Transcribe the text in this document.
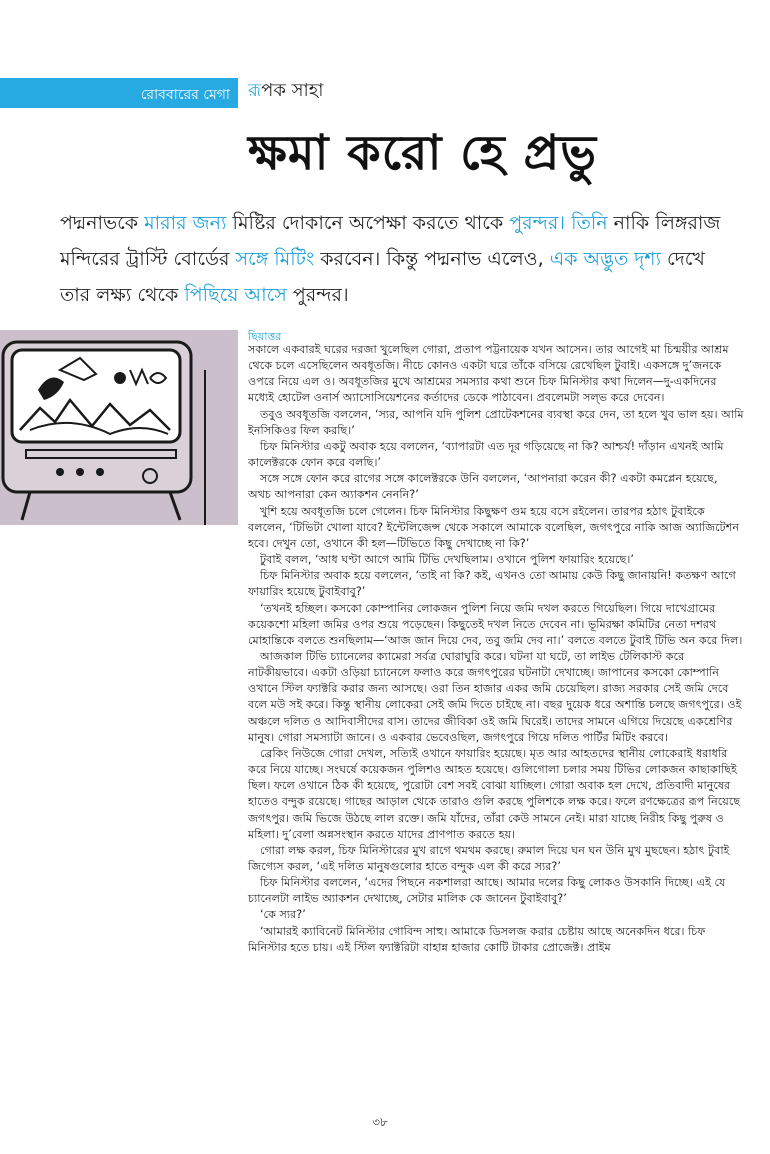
রোববারের মেগা	রূপক সাহা
ক্ষমা করো হে প্রভু
পদ্মনাভকে মারার জন্য মিষ্টির দোকানে অপেক্ষা করতে থাকে পুরন্দর। তিনি নাকি লিঙ্গরাজ মন্দিরের ট্রাস্টি বোর্ডের সঙ্গে মিটিং করবেন। কিন্তু পদ্মনাভ এলেও, এক অদ্ভুত দৃশ্য দেখে তার লক্ষ্য থেকে পিছিয়ে আসে পুরন্দর।
ছিয়াত্তর

সকালে একবারই ঘরের দরজা খুলেছিল গোরা, প্রতাপ পট্টনায়েক যখন আসেন। তার আগেই মা চিন্ময়ীর আশ্রম থেকে চলে এসেছিলেন অবধূতজি। নীচে কোনও একটা ঘরে তাঁকে বসিয়ে রেখেছিল টুবাই। একসঙ্গে দু’জনকে ওপরে নিয়ে এল ও। অবধূতজির মুখে আশ্রমের সমস্যার কথা শুনে চিফ মিনিস্টার কথা দিলেন—দু-একদিনের মধ্যেই হোটেল ওনার্স অ্যাসোসিয়েশনের কর্তাদের ডেকে পাঠাবেন। প্রবলেমটা সল্‌ভ করে দেবেন।

তবুও অবধূতজি বললেন, ‘স্যর, আপনি যদি পুলিশ প্রোটেকশনের ব্যবস্থা করে দেন, তা হলে খুব ভাল হয়। আমি ইনসিকিওর ফিল করছি।’

চিফ মিনিস্টার একটু অবাক হয়ে বললেন, ‘ব্যাপারটা এত দূর গড়িয়েছে না কি? আশ্চর্য! দাঁড়ান এখনই আমি কালেক্টরকে ফোন করে বলছি।’

সঙ্গে সঙ্গে ফোন করে রাগের সঙ্গে কালেক্টরকে উনি বললেন, ‘আপনারা করেন কী? একটা কমপ্লেন হয়েছে, অথচ আপনারা কেন অ্যাকশন নেননি?’

খুশি হয়ে অবধূতজি চলে গেলেন। চিফ মিনিস্টার কিছুক্ষণ গুম হয়ে বসে রইলেন। তারপর হঠাৎ টুবাইকে বললেন, ‘টিভিটা খোলা যাবে? ইন্টেলিজেন্স থেকে সকালে আমাকে বলেছিল, জগৎপুরে নাকি আজ অ্যাজিটেশন হবে। দেখুন তো, ওখানে কী হল—টিভিতে কিছু দেখাচ্ছে না কি?’

টুবাই বলল, ‘আধ ঘণ্টা আগে আমি টিভি দেখছিলাম। ওখানে পুলিশ ফায়ারিং হয়েছে।’

চিফ মিনিস্টার অবাক হয়ে বললেন, ‘তাই না কি? কই, এখনও তো আমায় কেউ কিছু জানায়নি! কতক্ষণ আগে ফায়ারিং হয়েছে টুবাইবাবু?’

‘তখনই হচ্ছিল। কসকো কোম্পানির লোকজন পুলিশ নিয়ে জমি দখল করতে গিয়েছিল। গিয়ে দাখেগ্রামের কয়েকশো মহিলা জমির ওপর শুয়ে পড়েছেন। কিছুতেই দখল নিতে দেবেন না। ভূমিরক্ষা কমিটির নেতা দশরথ মোহান্তিকে বলতে শুনছিলাম—‘আজ জান দিয়ে দেব, তবু জমি দেব না।’ বলতে বলতে টুবাই টিভি অন করে দিল।

আজকাল টিভি চ্যানেলের ক্যামেরা সর্বত্র ঘোরাঘুরি করে। ঘটনা যা ঘটে, তা লাইভ টেলিকাস্ট করে নাটকীয়ভাবে। একটা ওড়িয়া চ্যানেলে ফলাও করে জগৎপুরের ঘটনাটা দেখাচ্ছে। জাপানের কসকো কোম্পানি ওখানে স্টিল ফ্যাক্টরি করার জন্য আসছে। ওরা তিন হাজার একর জমি চেয়েছিল। রাজ্য সরকার সেই জমি দেবে বলে মউ সই করে। কিন্তু স্থানীয় লোকেরা সেই জমি দিতে চাইছে না। বছর দুয়েক ধরে অশান্তি চলছে জগৎপুরে। ওই অঞ্চলে দলিত ও আদিবাসীদের বাস। তাদের জীবিকা ওই জমি ঘিরেই। তাদের সামনে এগিয়ে দিয়েছে একশ্রেণির মানুষ। গোরা সমস্যাটা জানে। ও একবার ভেবেওছিল, জগৎপুরে গিয়ে দলিত পার্টির মিটিং করবে।

ব্রেকিং নিউজে গোরা দেখল, সত্যিই ওখানে ফায়ারিং হয়েছে। মৃত আর আহতদের স্থানীয় লোকেরাই ধরাধরি করে নিয়ে যাচ্ছে। সংঘর্ষে কয়েকজন পুলিশও আহত হয়েছে। গুলিগোলা চলার সময় টিভির লোকজন কাছাকাছিই ছিল। ফলে ওখানে ঠিক কী হয়েছে, পুরোটা বেশ সবই বোঝা যাচ্ছিল। গোরা অবাক হল দেখে, প্রতিবাদী মানুষের হাতেও বন্দুক রয়েছে। গাছের আড়াল থেকে তারাও গুলি করছে পুলিশকে লক্ষ করে। ফলে রণক্ষেত্রের রূপ নিয়েছে জগৎপুর। জমি ভিজে উঠছে লাল রক্তে। জমি যাঁদের, তাঁরা কেউ সামনে নেই। মারা যাচ্ছে নিরীহ কিছু পুরুষ ও মহিলা। দু’বেলা অন্নসংস্থান করতে যাদের প্রাণপাত করতে হয়।

গোরা লক্ষ করল, চিফ মিনিস্টারের মুখ রাগে থমথম করছে। রুমাল দিয়ে ঘন ঘন উনি মুখ মুছছেন। হঠাৎ টুবাই জিগ্যেস করল, ‘এই দলিত মানুষগুলোর হাতে বন্দুক এল কী করে স্যর?’

চিফ মিনিস্টার বললেন, ‘এদের পিছনে নকশালরা আছে। আমার দলের কিছু লোকও উসকানি দিচ্ছে। এই যে চ্যানেলটা লাইভ অ্যাকশন দেখাচ্ছে, সেটার মালিক কে জানেন টুবাইবাবু?’

‘কে স্যর?’

‘আমারই ক্যাবিনেট মিনিস্টার গোবিন্দ সাহু। আমাকে ডিসলজ করার চেষ্টায় আছে অনেকদিন ধরে। চিফ মিনিস্টার হতে চায়। এই স্টিল ফ্যাক্টরিটা বাহান্ন হাজার কোটি টাকার প্রোজেক্ট। প্রাইম

৩৮
